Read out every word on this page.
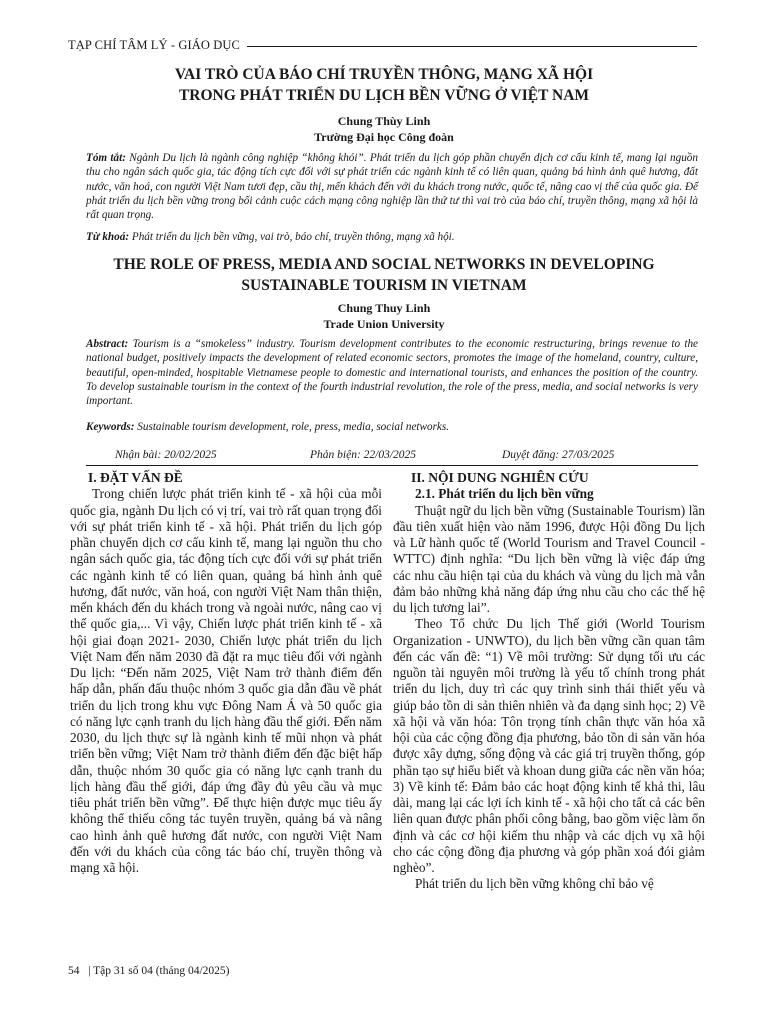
TẠP CHÍ TÂM LÝ - GIÁO DỤC
VAI TRÒ CỦA BÁO CHÍ TRUYỀN THÔNG, MẠNG XÃ HỘI
TRONG PHÁT TRIỂN DU LỊCH BỀN VỮNG Ở VIỆT NAM
Chung Thùy Linh
Trường Đại học Công đoàn
Tóm tắt: Ngành Du lịch là ngành công nghiệp “không khói”. Phát triển du lịch góp phần chuyển dịch cơ cấu kinh tế, mang lại nguồn thu cho ngân sách quốc gia, tác động tích cực đối với sự phát triển các ngành kinh tế có liên quan, quảng bá hình ảnh quê hương, đất nước, văn hoá, con người Việt Nam tươi đẹp, cầu thị, mến khách đến với du khách trong nước, quốc tế, nâng cao vị thế của quốc gia. Để phát triển du lịch bền vững trong bối cảnh cuộc cách mạng công nghiệp lần thứ tư thì vai trò của báo chí, truyền thông, mạng xã hội là rất quan trọng.
Từ khoá: Phát triển du lịch bền vững, vai trò, báo chí, truyền thông, mạng xã hội.
THE ROLE OF PRESS, MEDIA AND SOCIAL NETWORKS IN DEVELOPING
SUSTAINABLE TOURISM IN VIETNAM
Chung Thuy Linh
Trade Union University
Abstract: Tourism is a “smokeless” industry. Tourism development contributes to the economic restructuring, brings revenue to the national budget, positively impacts the development of related economic sectors, promotes the image of the homeland, country, culture, beautiful, open-minded, hospitable Vietnamese people to domestic and international tourists, and enhances the position of the country. To develop sustainable tourism in the context of the fourth industrial revolution, the role of the press, media, and social networks is very important.
Keywords: Sustainable tourism development, role, press, media, social networks.
Nhận bài: 20/02/2025	Phản biện: 22/03/2025	Duyệt đăng: 27/03/2025
I. ĐẶT VẤN ĐỀ

Trong chiến lược phát triển kinh tế - xã hội của mỗi quốc gia, ngành Du lịch có vị trí, vai trò rất quan trọng đối với sự phát triển kinh tế - xã hội. Phát triển du lịch góp phần chuyển dịch cơ cấu kinh tế, mang lại nguồn thu cho ngân sách quốc gia, tác động tích cực đối với sự phát triển các ngành kinh tế có liên quan, quảng bá hình ảnh quê hương, đất nước, văn hoá, con người Việt Nam thân thiện, mến khách đến du khách trong và ngoài nước, nâng cao vị thế quốc gia,... Vì vậy, Chiến lược phát triển kinh tế - xã hội giai đoạn 2021- 2030, Chiến lược phát triển du lịch Việt Nam đến năm 2030 đã đặt ra mục tiêu đối với ngành Du lịch: “Đến năm 2025, Việt Nam trở thành điểm đến hấp dẫn, phấn đấu thuộc nhóm 3 quốc gia dẫn đầu về phát triển du lịch trong khu vực Đông Nam Á và 50 quốc gia có năng lực cạnh tranh du lịch hàng đầu thế giới. Đến năm 2030, du lịch thực sự là ngành kinh tế mũi nhọn và phát triển bền vững; Việt Nam trở thành điểm đến đặc biệt hấp dẫn, thuộc nhóm 30 quốc gia có năng lực cạnh tranh du lịch hàng đầu thế giới, đáp ứng đầy đủ yêu cầu và mục tiêu phát triển bền vững”. Để thực hiện được mục tiêu ấy không thể thiếu công tác tuyên truyền, quảng bá và nâng cao hình ảnh quê hương đất nước, con người Việt Nam đến với du khách của công tác báo chí, truyền thông và mạng xã hội.

II. NỘI DUNG NGHIÊN CỨU
2.1. Phát triển du lịch bền vững

Thuật ngữ du lịch bền vững (Sustainable Tourism) lần đầu tiên xuất hiện vào năm 1996, được Hội đồng Du lịch và Lữ hành quốc tế (World Tourism and Travel Council - WTTC) định nghĩa: “Du lịch bền vững là việc đáp ứng các nhu cầu hiện tại của du khách và vùng du lịch mà vẫn đảm bảo những khả năng đáp ứng nhu cầu cho các thế hệ du lịch tương lai”.

Theo Tổ chức Du lịch Thế giới (World Tourism Organization - UNWTO), du lịch bền vững cần quan tâm đến các vấn đề: “1) Về môi trường: Sử dụng tối ưu các nguồn tài nguyên môi trường là yếu tố chính trong phát triển du lịch, duy trì các quy trình sinh thái thiết yếu và giúp bảo tồn di sản thiên nhiên và đa dạng sinh học; 2) Về xã hội và văn hóa: Tôn trọng tính chân thực văn hóa xã hội của các cộng đồng địa phương, bảo tồn di sản văn hóa được xây dựng, sống động và các giá trị truyền thống, góp phần tạo sự hiểu biết và khoan dung giữa các nền văn hóa; 3) Về kinh tế: Đảm bảo các hoạt động kinh tế khả thi, lâu dài, mang lại các lợi ích kinh tế - xã hội cho tất cả các bên liên quan được phân phối công bằng, bao gồm việc làm ổn định và các cơ hội kiếm thu nhập và các dịch vụ xã hội cho các cộng đồng địa phương và góp phần xoá đói giảm nghèo”.

Phát triển du lịch bền vững không chỉ bảo vệ

54   | Tập 31 số 04 (tháng 04/2025)
